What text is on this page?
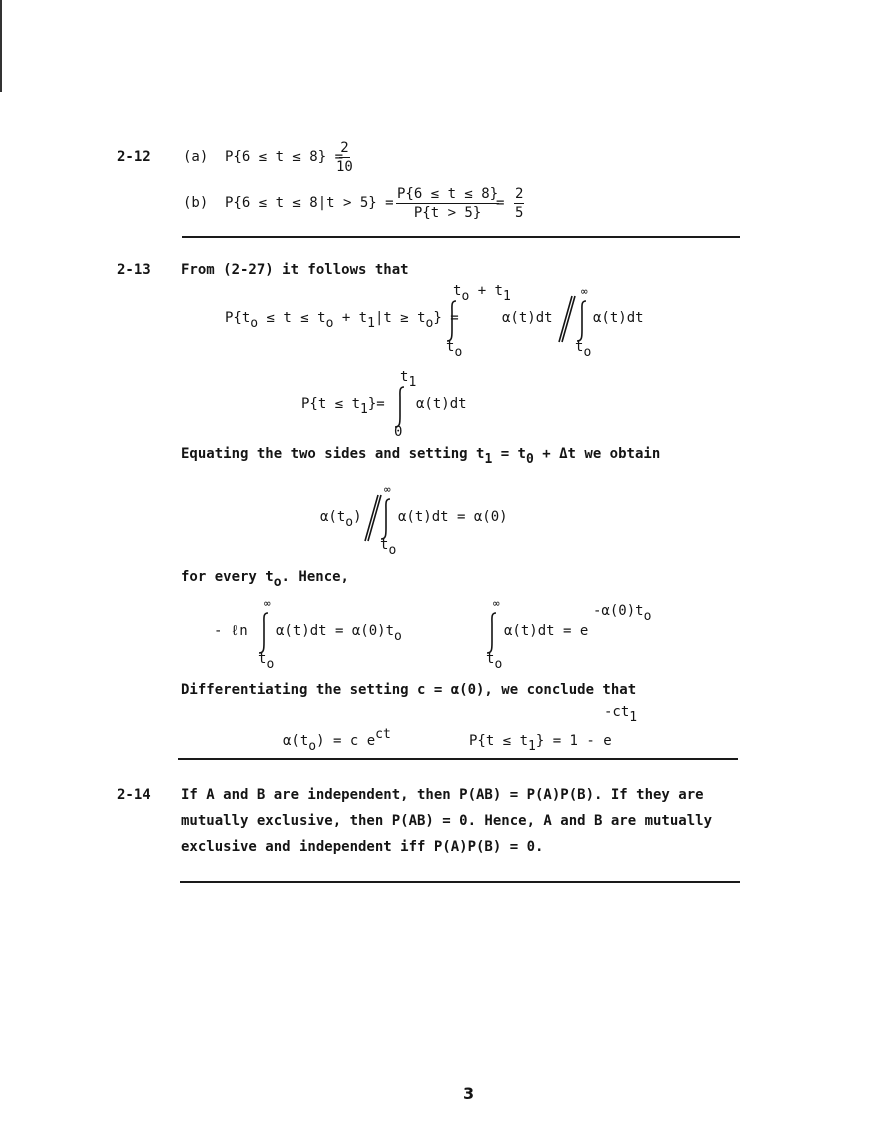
2-12 (a) P{6 ≤ t ≤ 8} =
$\frac{2}{10}$
(b) $P\{6 \le t \le 8|t > 5\} = \frac{P\{6 \le t \le 8\}}{P\{t > 5\}}$
= $\frac{2}{5}$
2-13 From (2-27) it follows that
P{to ≤ t ≤ to + t1|t ≥ to} =
to + t1
to
α(t)dt
∞
to
α(t)dt
P{t ≤ t1}=
t1
0
α(t)dt
Equating the two sides and setting t1 = t0 + Δt we obtain
α(to)
∞
to
α(t)dt = α(0)
for every to. Hence,
- ℓn
∞
to
α(t)dt = α(0)to
∞
to
α(t)dt = e
-α(0)to
Differentiating the setting c = α(0), we conclude that
α(to) = c ect	P{t ≤ t1} = 1 - e
-ct1
2-14 If A and B are independent, then P(AB) = P(A)P(B). If they are
mutually exclusive, then P(AB) = 0. Hence, A and B are mutually
exclusive and independent iff P(A)P(B) = 0.
3
